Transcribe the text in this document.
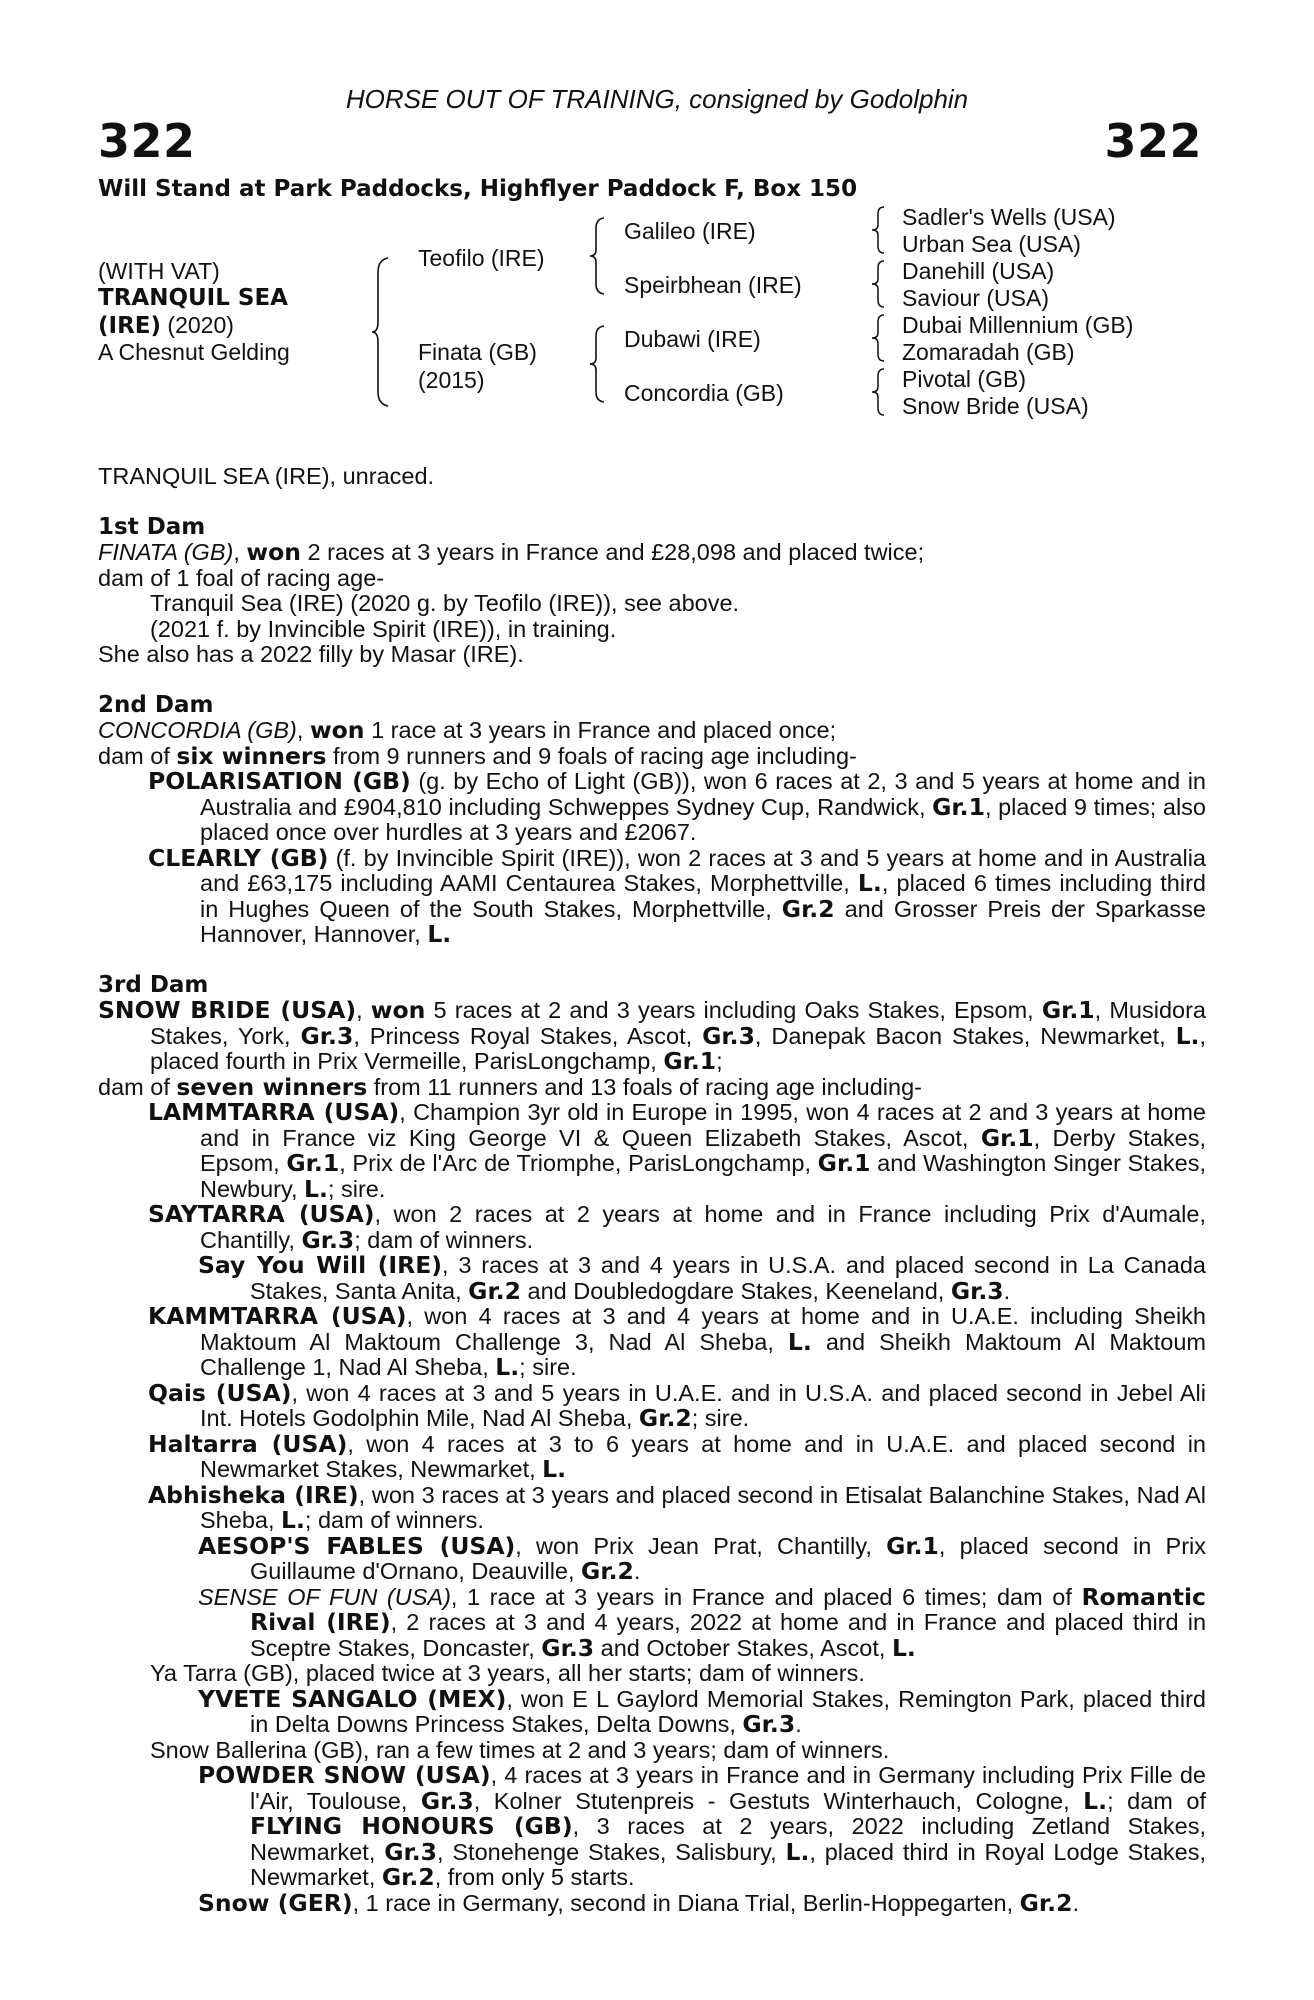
HORSE OUT OF TRAINING, consigned by Godolphin
322	322
Will Stand at Park Paddocks, Highflyer Paddock F, Box 150
(WITH VAT)
TRANQUIL SEA
(IRE) (2020)
A Chesnut Gelding
Teofilo (IRE)
Finata (GB)
(2015)
Galileo (IRE)
Speirbhean (IRE)
Dubawi (IRE)
Concordia (GB)
Sadler's Wells (USA)
Urban Sea (USA)
Danehill (USA)
Saviour (USA)
Dubai Millennium (GB)
Zomaradah (GB)
Pivotal (GB)
Snow Bride (USA)

TRANQUIL SEA (IRE), unraced.

1st Dam

FINATA (GB), won 2 races at 3 years in France and £28,098 and placed twice;

dam of 1 foal of racing age-

Tranquil Sea (IRE) (2020 g. by Teofilo (IRE)), see above.

(2021 f. by Invincible Spirit (IRE)), in training.

She also has a 2022 filly by Masar (IRE).

2nd Dam

CONCORDIA (GB), won 1 race at 3 years in France and placed once;

dam of six winners from 9 runners and 9 foals of racing age including-

POLARISATION (GB) (g. by Echo of Light (GB)), won 6 races at 2, 3 and 5 years at home and in Australia and £904,810 including Schweppes Sydney Cup, Randwick, Gr.1, placed 9 times; also placed once over hurdles at 3 years and £2067.

CLEARLY (GB) (f. by Invincible Spirit (IRE)), won 2 races at 3 and 5 years at home and in Australia and £63,175 including AAMI Centaurea Stakes, Morphettville, L., placed 6 times including third in Hughes Queen of the South Stakes, Morphettville, Gr.2 and Grosser Preis der Sparkasse Hannover, Hannover, L.

3rd Dam

SNOW BRIDE (USA), won 5 races at 2 and 3 years including Oaks Stakes, Epsom, Gr.1, Musidora Stakes, York, Gr.3, Princess Royal Stakes, Ascot, Gr.3, Danepak Bacon Stakes, Newmarket, L., placed fourth in Prix Vermeille, ParisLongchamp, Gr.1;

dam of seven winners from 11 runners and 13 foals of racing age including-

LAMMTARRA (USA), Champion 3yr old in Europe in 1995, won 4 races at 2 and 3 years at home and in France viz King George VI & Queen Elizabeth Stakes, Ascot, Gr.1, Derby Stakes, Epsom, Gr.1, Prix de l'Arc de Triomphe, ParisLongchamp, Gr.1 and Washington Singer Stakes, Newbury, L.; sire.

SAYTARRA (USA), won 2 races at 2 years at home and in France including Prix d'Aumale, Chantilly, Gr.3; dam of winners.

Say You Will (IRE), 3 races at 3 and 4 years in U.S.A. and placed second in La Canada Stakes, Santa Anita, Gr.2 and Doubledogdare Stakes, Keeneland, Gr.3.

KAMMTARRA (USA), won 4 races at 3 and 4 years at home and in U.A.E. including Sheikh Maktoum Al Maktoum Challenge 3, Nad Al Sheba, L. and Sheikh Maktoum Al Maktoum Challenge 1, Nad Al Sheba, L.; sire.

Qais (USA), won 4 races at 3 and 5 years in U.A.E. and in U.S.A. and placed second in Jebel Ali Int. Hotels Godolphin Mile, Nad Al Sheba, Gr.2; sire.

Haltarra (USA), won 4 races at 3 to 6 years at home and in U.A.E. and placed second in Newmarket Stakes, Newmarket, L.

Abhisheka (IRE), won 3 races at 3 years and placed second in Etisalat Balanchine Stakes, Nad Al Sheba, L.; dam of winners.

AESOP'S FABLES (USA), won Prix Jean Prat, Chantilly, Gr.1, placed second in Prix Guillaume d'Ornano, Deauville, Gr.2.

SENSE OF FUN (USA), 1 race at 3 years in France and placed 6 times; dam of Romantic Rival (IRE), 2 races at 3 and 4 years, 2022 at home and in France and placed third in Sceptre Stakes, Doncaster, Gr.3 and October Stakes, Ascot, L.

Ya Tarra (GB), placed twice at 3 years, all her starts; dam of winners.

YVETE SANGALO (MEX), won E L Gaylord Memorial Stakes, Remington Park, placed third in Delta Downs Princess Stakes, Delta Downs, Gr.3.

Snow Ballerina (GB), ran a few times at 2 and 3 years; dam of winners.

POWDER SNOW (USA), 4 races at 3 years in France and in Germany including Prix Fille de l'Air, Toulouse, Gr.3, Kolner Stutenpreis - Gestuts Winterhauch, Cologne, L.; dam of FLYING HONOURS (GB), 3 races at 2 years, 2022 including Zetland Stakes, Newmarket, Gr.3, Stonehenge Stakes, Salisbury, L., placed third in Royal Lodge Stakes, Newmarket, Gr.2, from only 5 starts.

Snow (GER), 1 race in Germany, second in Diana Trial, Berlin-Hoppegarten, Gr.2.
